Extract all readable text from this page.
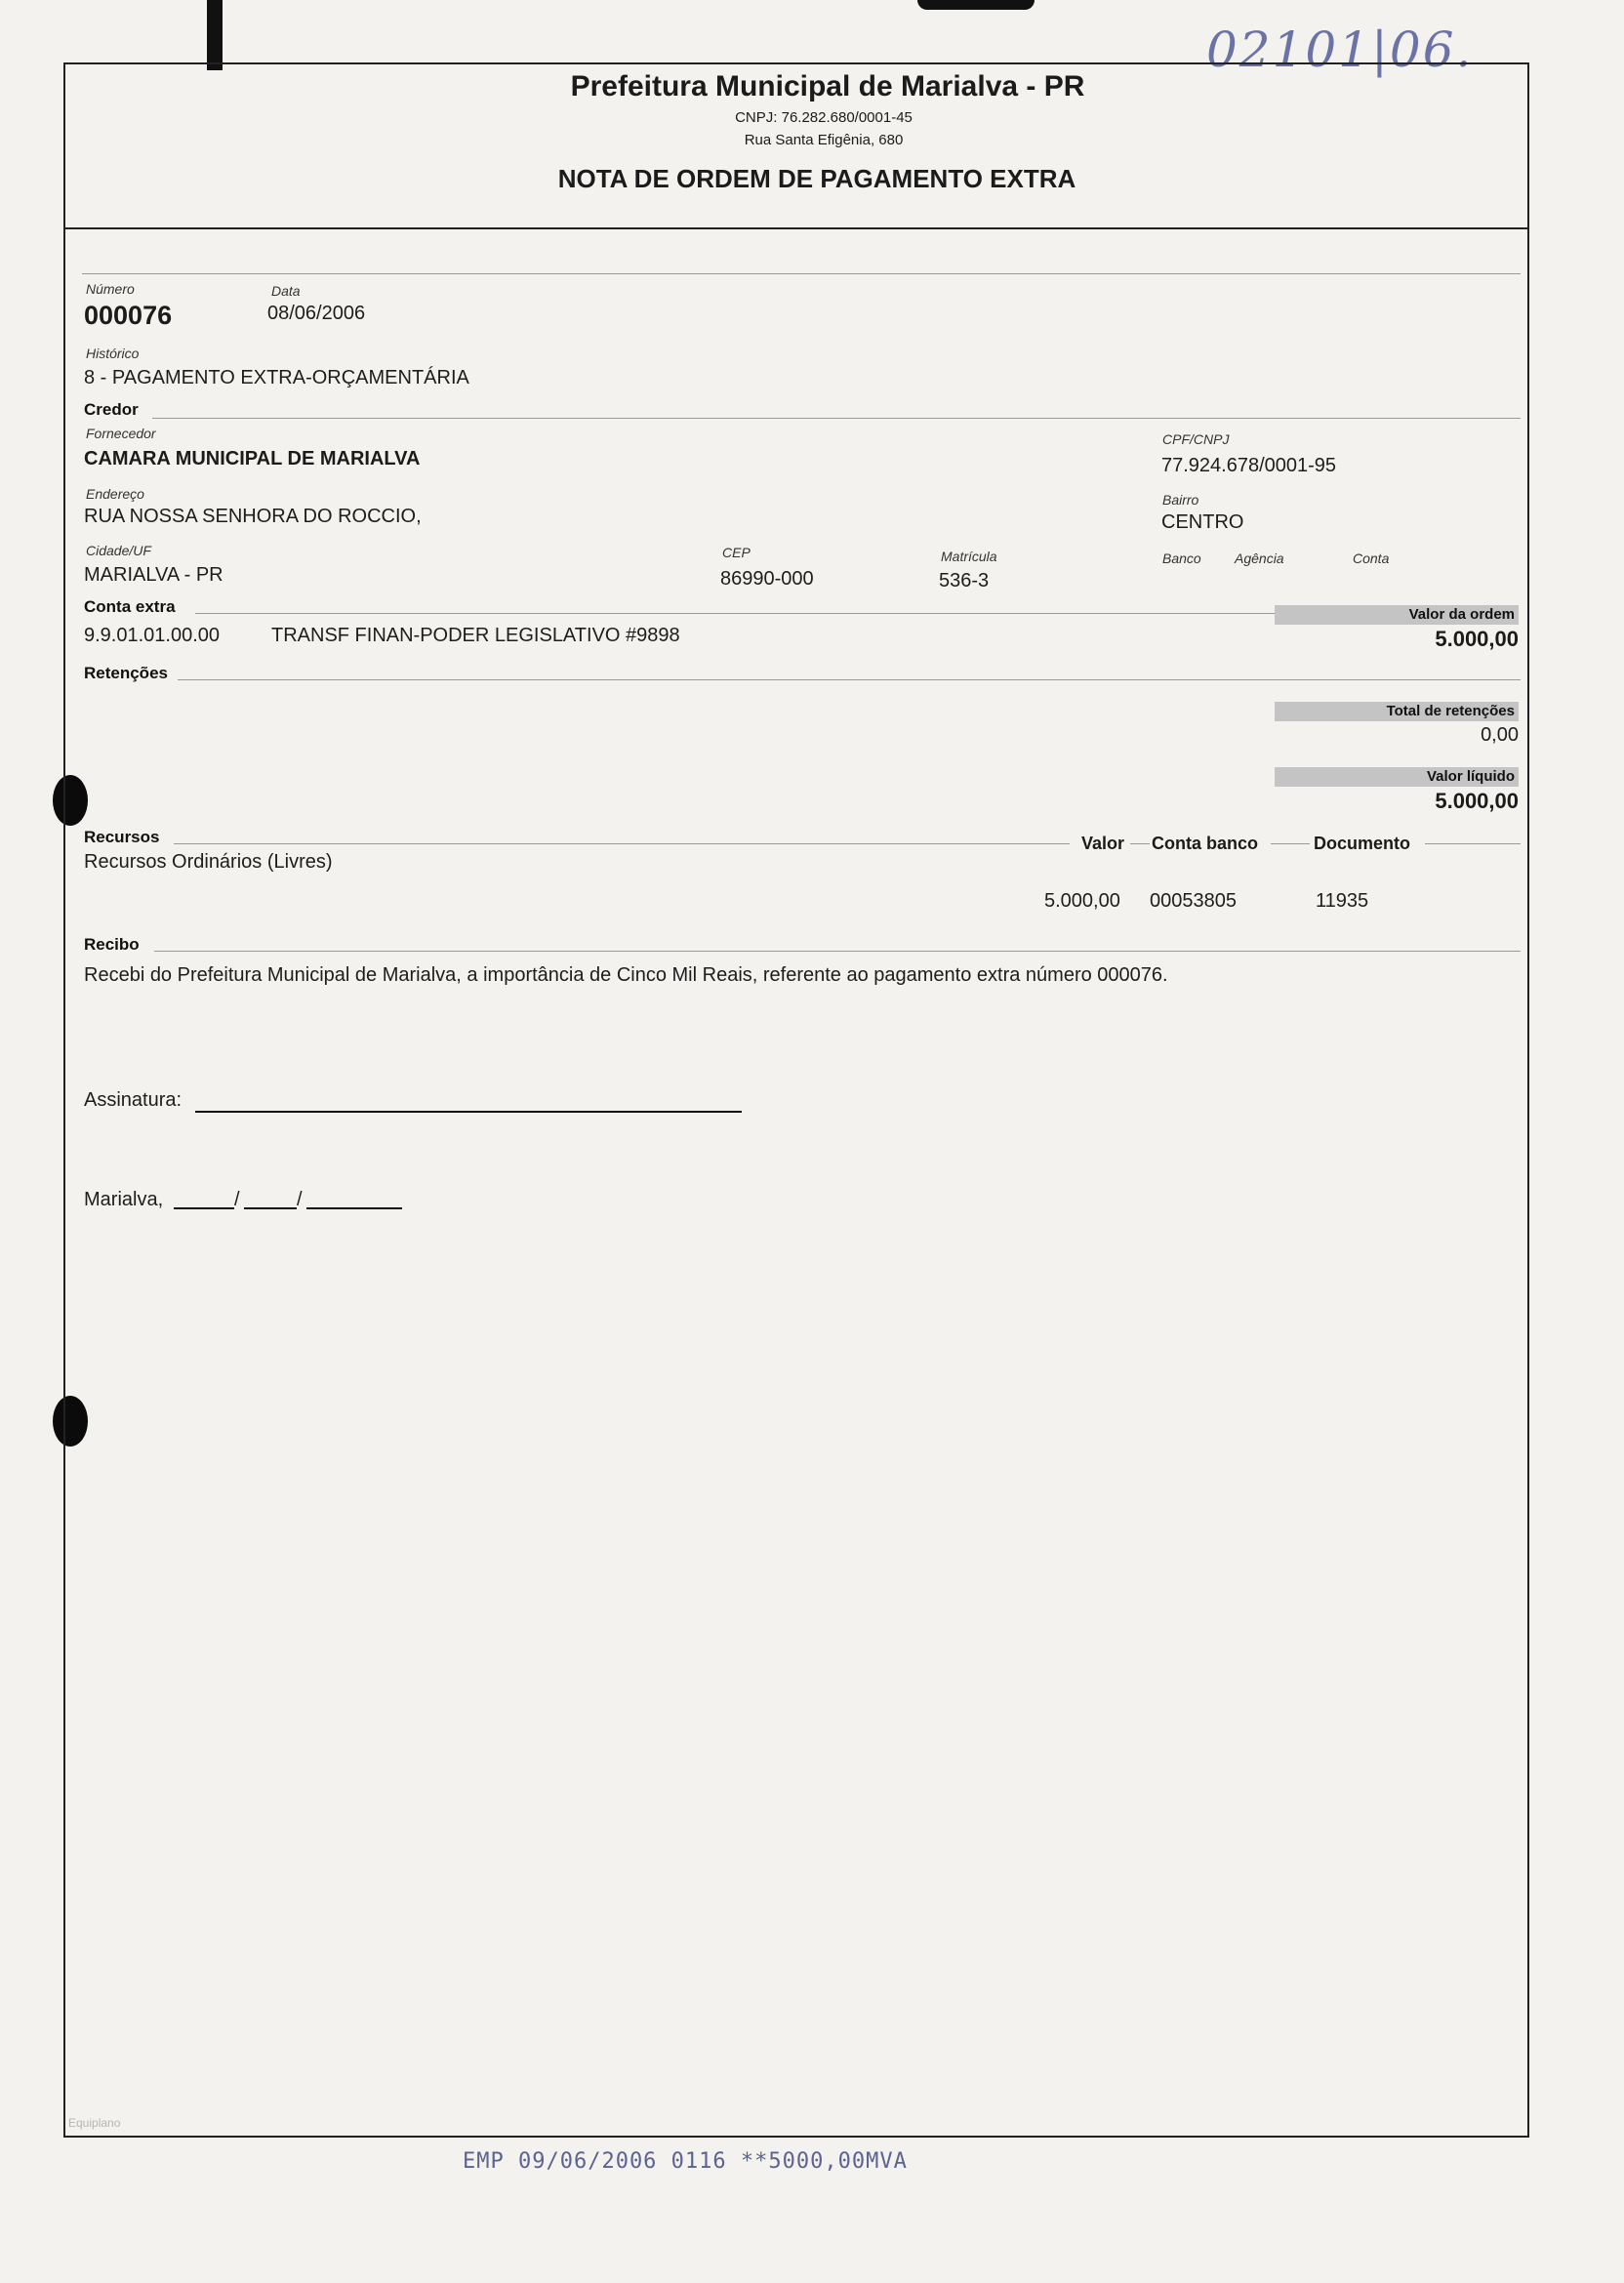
02101|06.
Prefeitura Municipal de Marialva - PR
CNPJ: 76.282.680/0001-45
Rua Santa Efigênia, 680
NOTA DE ORDEM DE PAGAMENTO EXTRA
Número
000076
Data
08/06/2006
Histórico
8 - PAGAMENTO EXTRA-ORÇAMENTÁRIA
Credor
Fornecedor
CAMARA MUNICIPAL DE MARIALVA
CPF/CNPJ
77.924.678/0001-95
Endereço
RUA NOSSA SENHORA DO ROCCIO,
Bairro
CENTRO
Cidade/UF
MARIALVA - PR
CEP
86990-000
Matrícula
536-3
Banco Agência	Conta
Conta extra
9.9.01.01.00.00	TRANSF FINAN-PODER LEGISLATIVO #9898
Valor da ordem
5.000,00
Retenções
Total de retenções
0,00
Valor líquido
5.000,00
Recursos	Valor Conta banco	Documento
Recursos Ordinários (Livres)
5.000,00 00053805	11935
Recibo
Recebi do Prefeitura Municipal de Marialva, a importância de Cinco Mil Reais, referente ao pagamento extra número 000076.
Assinatura:
Marialva,	/	/
Equiplano
EMP 09/06/2006 0116 **5000,00MVA
